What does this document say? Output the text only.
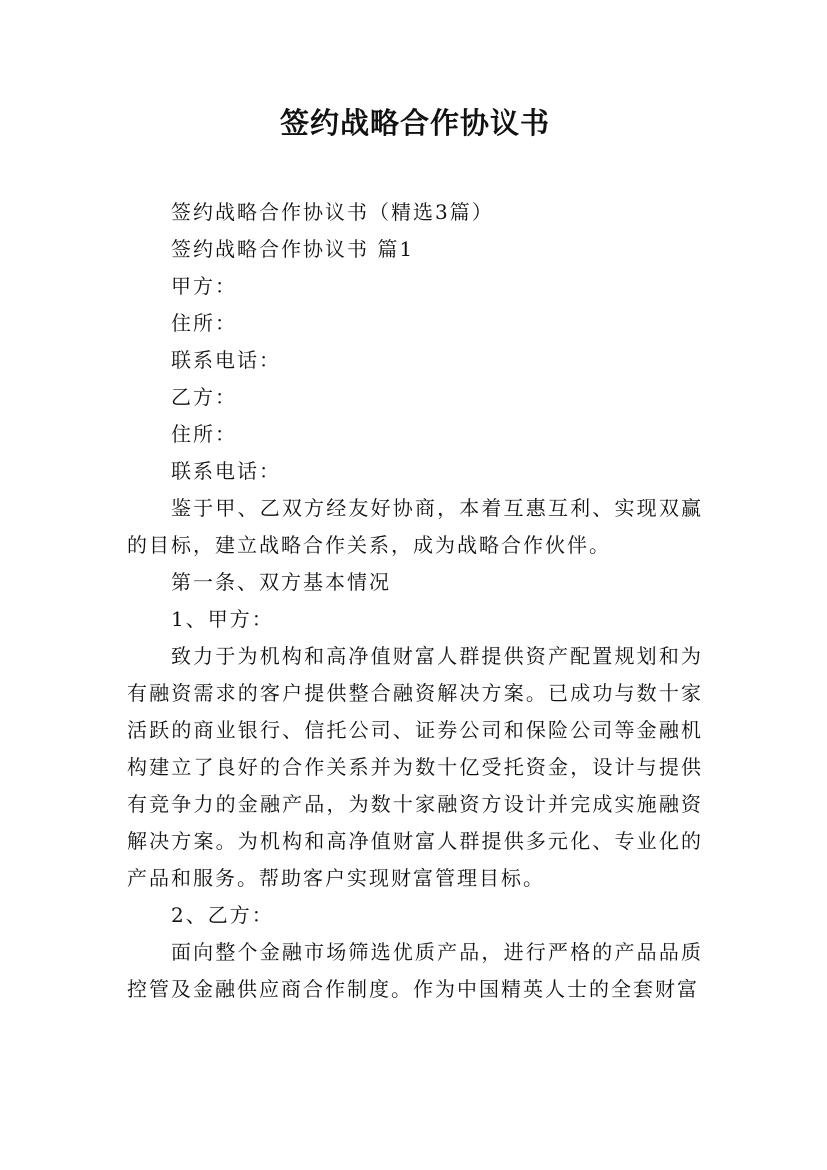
签约战略合作协议书

签约战略合作协议书（精选3篇）

签约战略合作协议书 篇1

甲方：

住所：

联系电话：

乙方：

住所：

联系电话：

鉴于甲、乙双方经友好协商，本着互惠互利、实现双赢的目标，建立战略合作关系，成为战略合作伙伴。

第一条、双方基本情况

1、甲方：

致力于为机构和高净值财富人群提供资产配置规划和为有融资需求的客户提供整合融资解决方案。已成功与数十家活跃的商业银行、信托公司、证券公司和保险公司等金融机构建立了良好的合作关系并为数十亿受托资金，设计与提供有竞争力的金融产品，为数十家融资方设计并完成实施融资解决方案。为机构和高净值财富人群提供多元化、专业化的产品和服务。帮助客户实现财富管理目标。

2、乙方：

面向整个金融市场筛选优质产品，进行严格的产品品质控管及金融供应商合作制度。作为中国精英人士的全套财富
